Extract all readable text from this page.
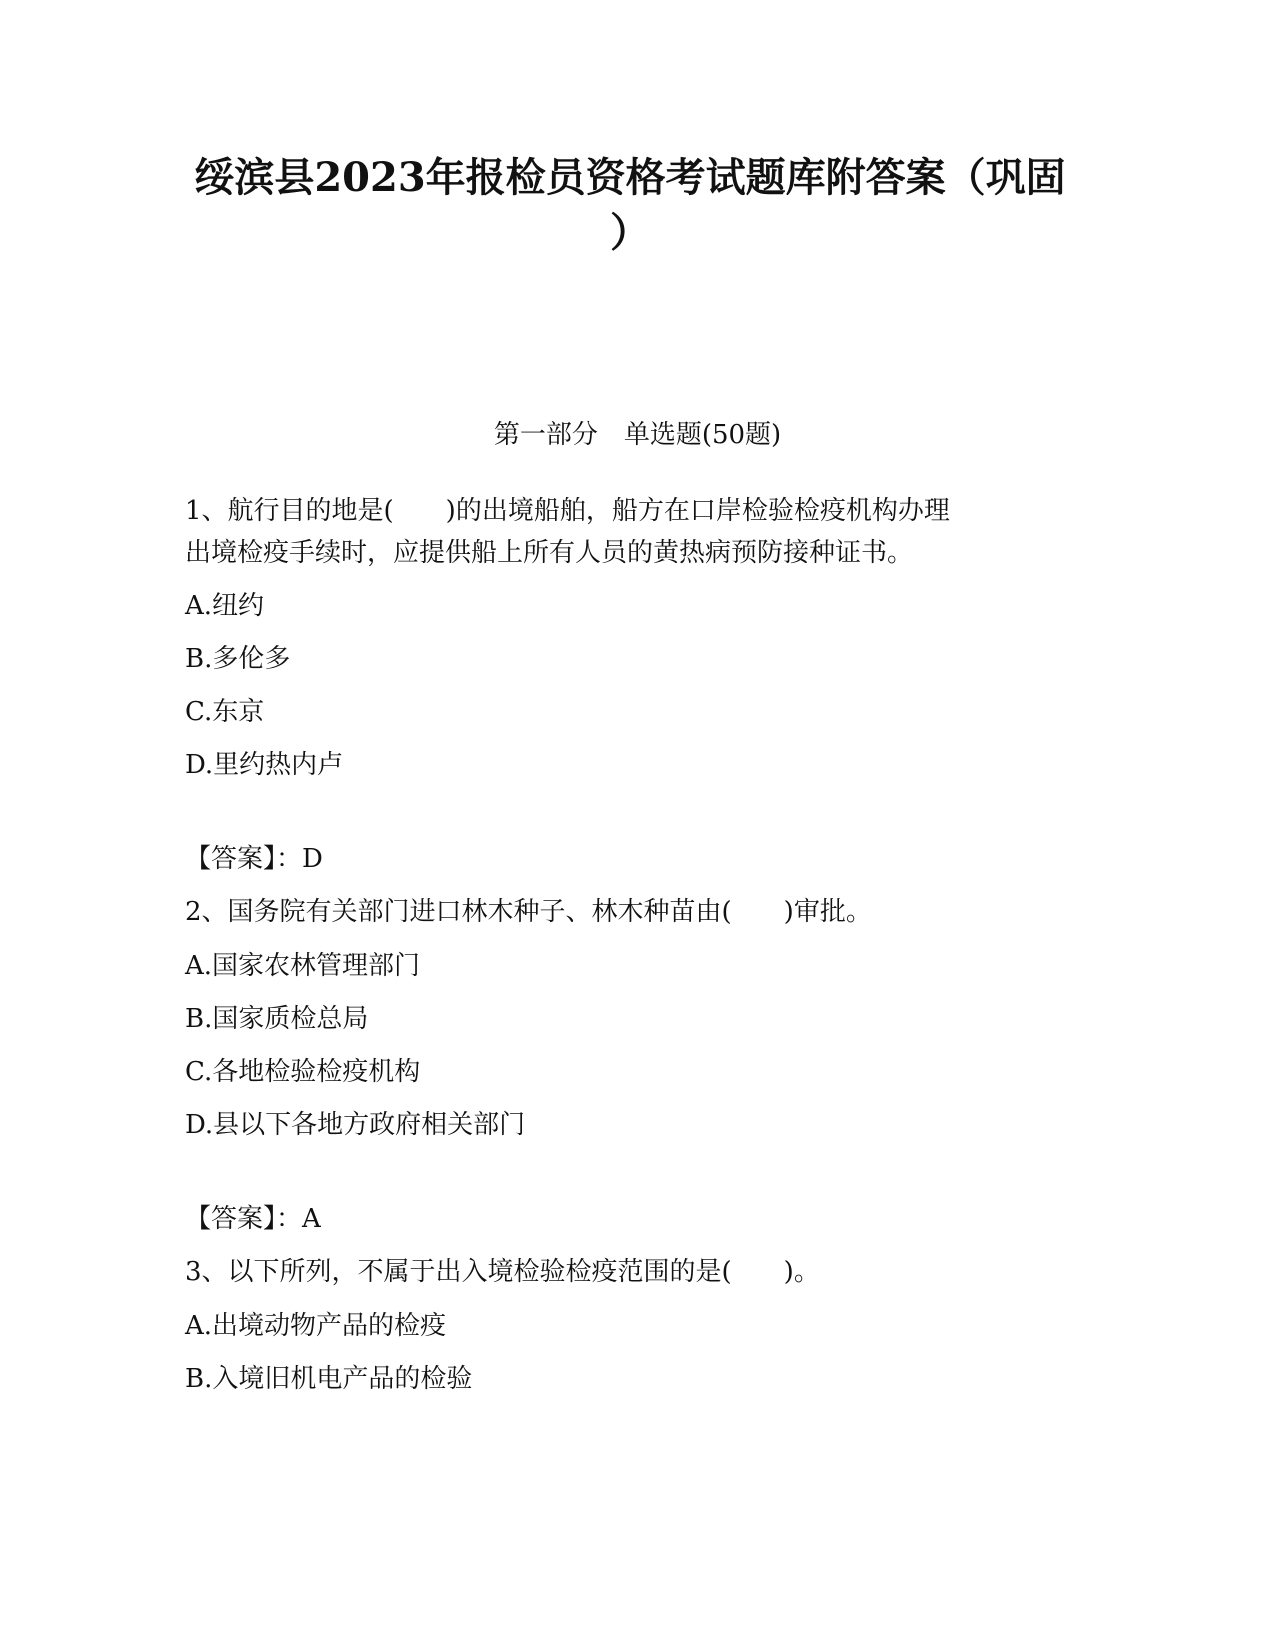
绥滨县2023年报检员资格考试题库附答案（巩固
）
第一部分　单选题(50题)
1、航行目的地是(　　)的出境船舶，船方在口岸检验检疫机构办理
出境检疫手续时，应提供船上所有人员的黄热病预防接种证书。
A.纽约
B.多伦多
C.东京
D.里约热内卢
【答案】：D
2、国务院有关部门进口林木种子、林木种苗由(　　)审批。
A.国家农林管理部门
B.国家质检总局
C.各地检验检疫机构
D.县以下各地方政府相关部门
【答案】：A
3、以下所列，不属于出入境检验检疫范围的是(　　)。
A.出境动物产品的检疫
B.入境旧机电产品的检验
